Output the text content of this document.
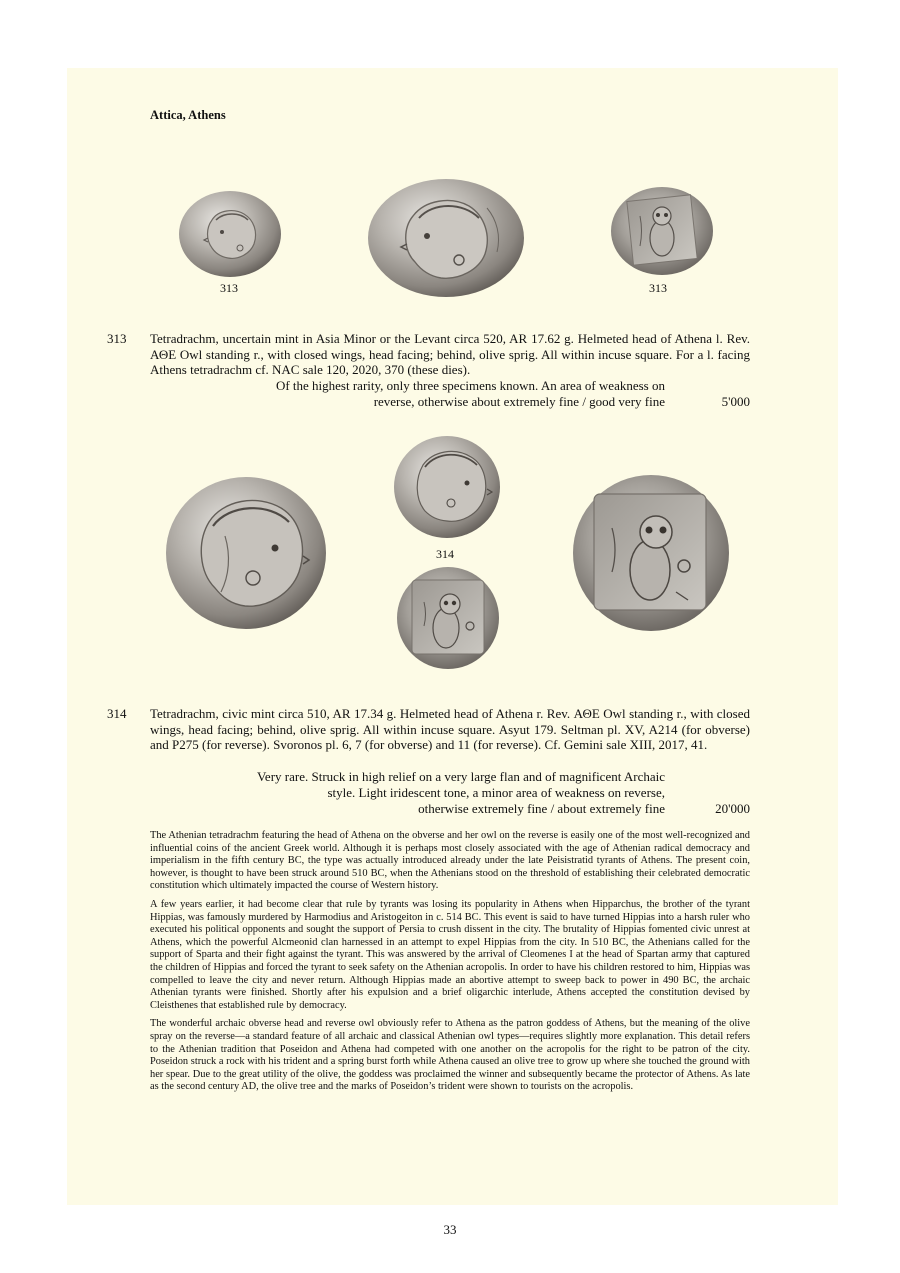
Attica, Athens
313	313
313 Tetradrachm, uncertain mint in Asia Minor or the Levant circa 520, AR 17.62 g. Helmeted head of Athena l. Rev. ΑΘΕ Owl standing r., with closed wings, head facing; behind, olive sprig. All within incuse square. For a l. facing Athens tetradrachm cf. NAC sale 120, 2020, 370 (these dies).
Of the highest rarity, only three specimens known. An area of weakness on
reverse, otherwise about extremely fine / good very fine	5'000
314
314 Tetradrachm, civic mint circa 510, AR 17.34 g. Helmeted head of Athena r. Rev. ΑΘΕ Owl standing r., with closed wings, head facing; behind, olive sprig. All within incuse square. Asyut 179. Seltman pl. XV, A214 (for obverse) and P275 (for reverse). Svoronos pl. 6, 7 (for obverse) and 11 (for reverse). Cf. Gemini sale XIII, 2017, 41.
Very rare. Struck in high relief on a very large flan and of magnificent Archaic
style. Light iridescent tone, a minor area of weakness on reverse,
otherwise extremely fine / about extremely fine	20'000

The Athenian tetradrachm featuring the head of Athena on the obverse and her owl on the reverse is easily one of the most well-recognized and influential coins of the ancient Greek world. Although it is perhaps most closely associated with the age of Athenian radical democracy and imperialism in the fifth century BC, the type was actually introduced already under the late Peisistratid tyrants of Athens. The present coin, however, is thought to have been struck around 510 BC, when the Athenians stood on the threshold of establishing their celebrated democratic constitution which ultimately impacted the course of Western history.

A few years earlier, it had become clear that rule by tyrants was losing its popularity in Athens when Hipparchus, the brother of the tyrant Hippias, was famously murdered by Harmodius and Aristogeiton in c. 514 BC. This event is said to have turned Hippias into a harsh ruler who executed his political opponents and sought the support of Persia to crush dissent in the city. The brutality of Hippias fomented civic unrest at Athens, which the powerful Alcmeonid clan harnessed in an attempt to expel Hippias from the city. In 510 BC, the Athenians called for the support of Sparta and their fight against the tyrant. This was answered by the arrival of Cleomenes I at the head of Spartan army that captured the children of Hippias and forced the tyrant to seek safety on the Athenian acropolis. In order to have his children restored to him, Hippias was compelled to leave the city and never return. Although Hippias made an abortive attempt to sweep back to power in 490 BC, the archaic Athenian tyrants were finished. Shortly after his expulsion and a brief oligarchic interlude, Athens accepted the constitution devised by Cleisthenes that established rule by democracy.

The wonderful archaic obverse head and reverse owl obviously refer to Athena as the patron goddess of Athens, but the meaning of the olive spray on the reverse—a standard feature of all archaic and classical Athenian owl types—requires slightly more explanation. This detail refers to the Athenian tradition that Poseidon and Athena had competed with one another on the acropolis for the right to be patron of the city. Poseidon struck a rock with his trident and a spring burst forth while Athena caused an olive tree to grow up where she touched the ground with her spear. Due to the great utility of the olive, the goddess was proclaimed the winner and subsequently became the protector of Athens. As late as the second century AD, the olive tree and the marks of Poseidon’s trident were shown to tourists on the acropolis.

33
